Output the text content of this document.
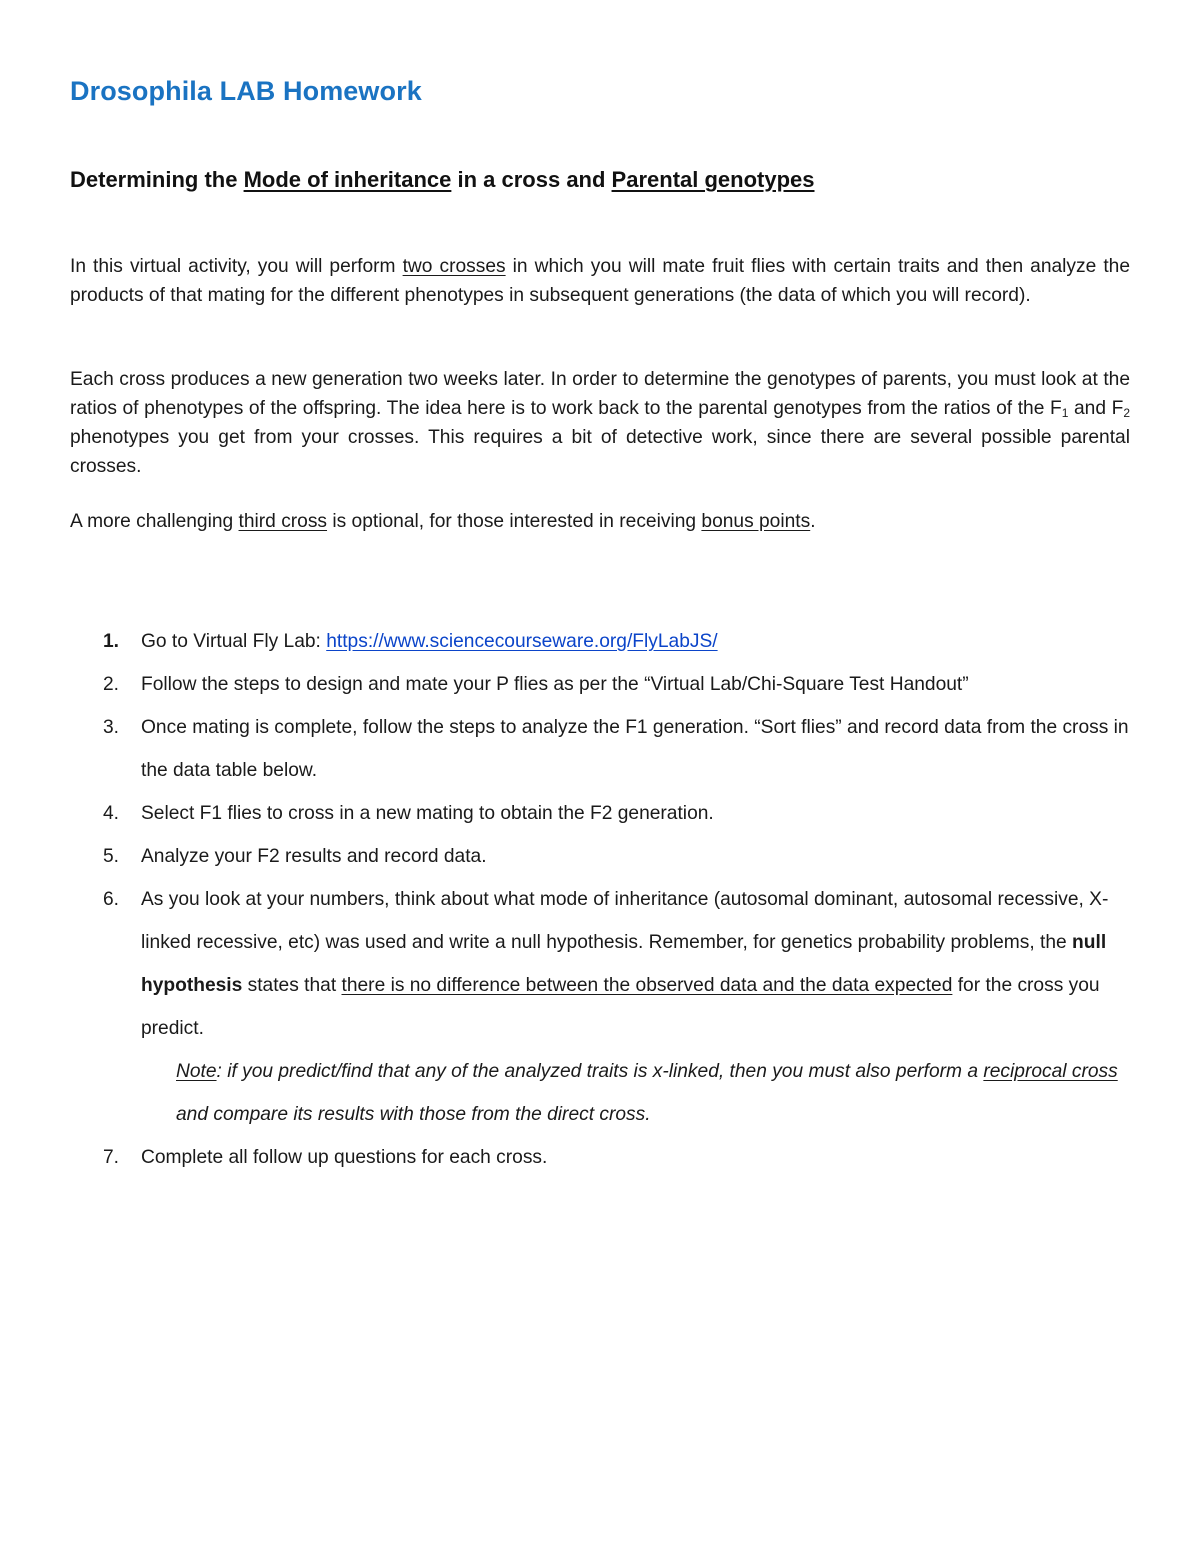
Drosophila LAB Homework
Determining the Mode of inheritance in a cross and Parental genotypes

In this virtual activity, you will perform two crosses in which you will mate fruit flies with certain traits and then analyze the products of that mating for the different phenotypes in subsequent generations (the data of which you will record).

Each cross produces a new generation two weeks later. In order to determine the genotypes of parents, you must look at the ratios of phenotypes of the offspring. The idea here is to work back to the parental genotypes from the ratios of the $F_1$ and $F_2$ phenotypes you get from your crosses. This requires a bit of detective work, since there are several possible parental crosses.

A more challenging third cross is optional, for those interested in receiving bonus points.

1. Go to Virtual Fly Lab: https://www.sciencecourseware.org/FlyLabJS/
2. Follow the steps to design and mate your P flies as per the “Virtual Lab/Chi-Square Test Handout”
3. Once mating is complete, follow the steps to analyze the F1 generation. “Sort flies” and record data from the cross in the data table below.
4. Select F1 flies to cross in a new mating to obtain the F2 generation.
5. Analyze your F2 results and record data.
6. As you look at your numbers, think about what mode of inheritance (autosomal dominant, autosomal recessive, X-linked recessive, etc) was used and write a null hypothesis. Remember, for genetics probability problems, the null hypothesis states that there is no difference between the observed data and the data expected for the cross you predict.
Note: if you predict/find that any of the analyzed traits is x-linked, then you must also perform a reciprocal cross and compare its results with those from the direct cross.
7. Complete all follow up questions for each cross.
